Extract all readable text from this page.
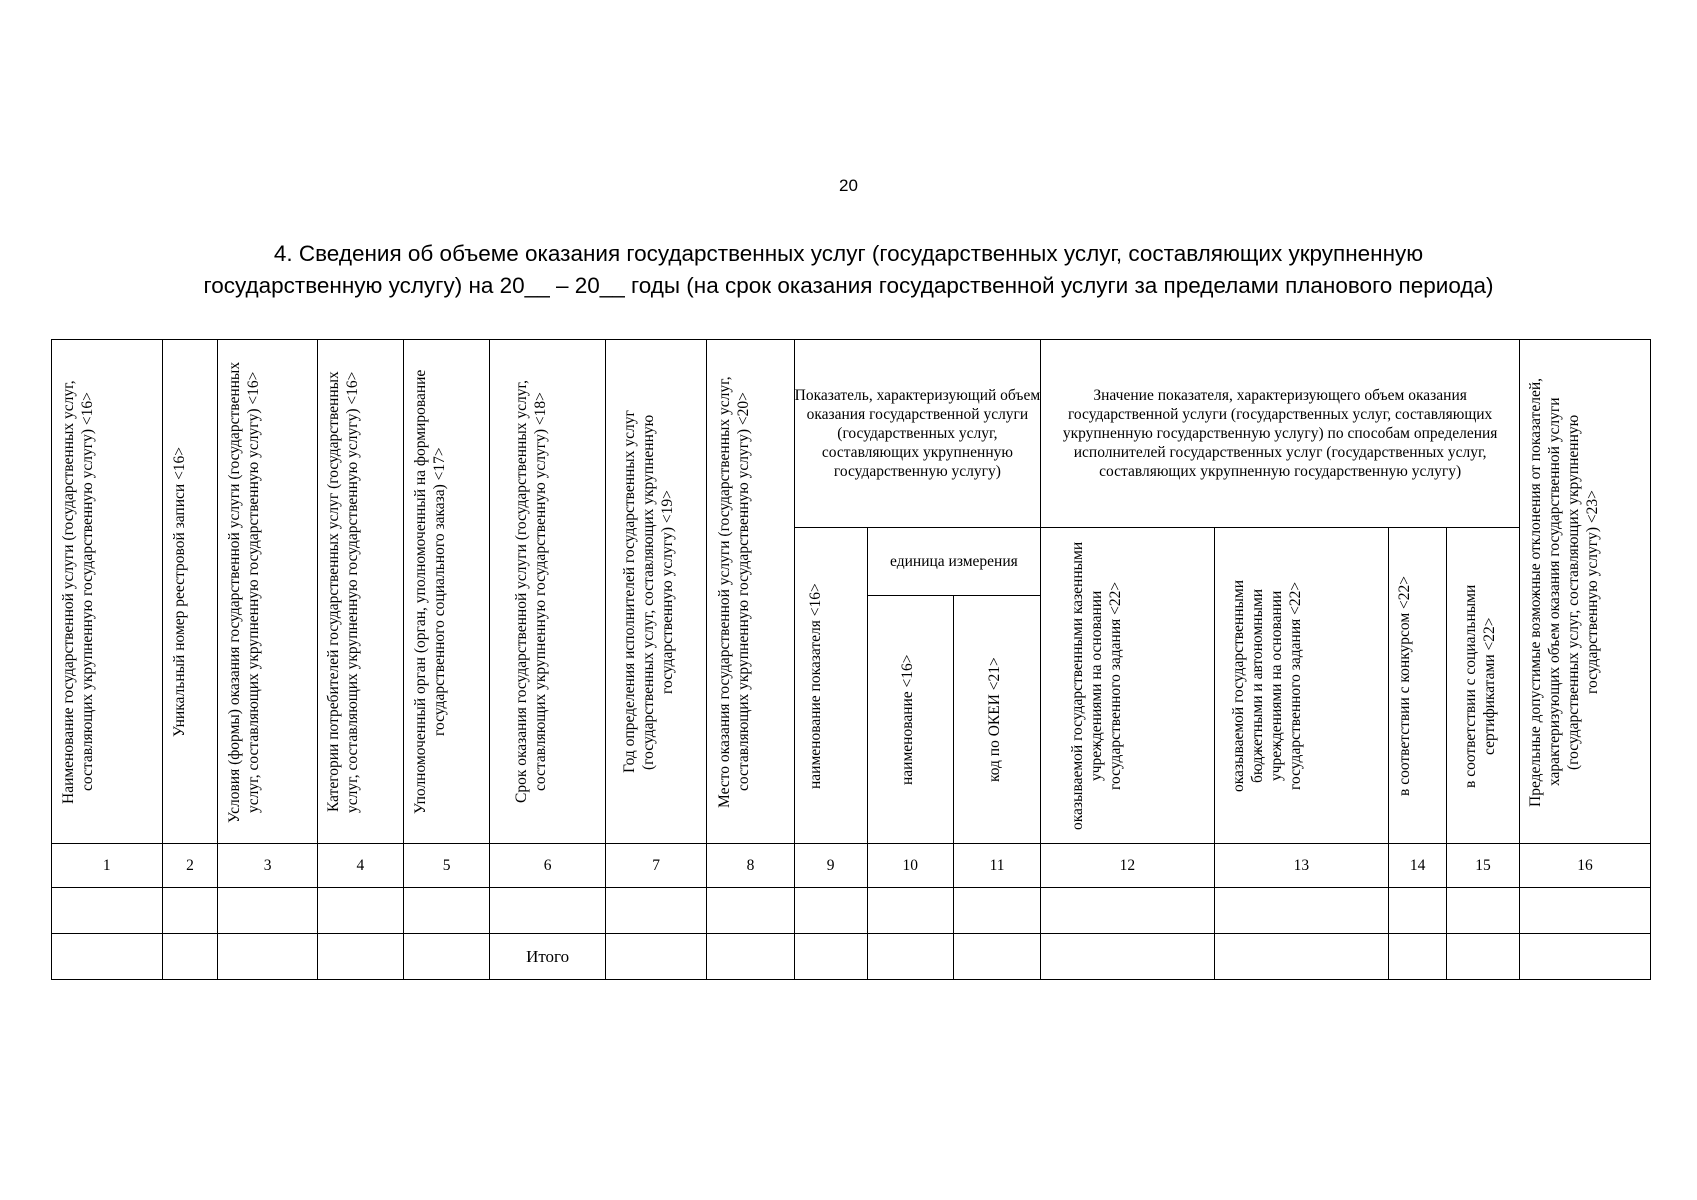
20
4. Сведения об объеме оказания государственных услуг (государственных услуг, составляющих укрупненную
государственную услугу) на 20__ – 20__ годы (на срок оказания государственной услуги за пределами планового периода)
Наименование государственной услуги (государственных услуг, составляющих укрупненную государственную услугу) <16>	Уникальный номер реестровой записи <16>	Условия (формы) оказания государственной услуги (государственных услуг, составляющих укрупненную государственную услугу) <16>	Категории потребителей государственных услуг (государственных услуг, составляющих укрупненную государственную услугу) <16>	Уполномоченный орган (орган, уполномоченный на формирование государственного социального заказа) <17>	Срок оказания государственной услуги (государственных услуг, составляющих укрупненную государственную услугу) <18>	Год определения исполнителей государственных услуг (государственных услуг, составляющих укрупненную государственную услугу) <19>	Место оказания государственной услуги (государственных услуг, составляющих укрупненную государственную услугу) <20>	Показатель, характеризующий объем оказания государственной услуги (государственных услуг, составляющих укрупненную государственную услугу)			Значение показателя, характеризующего объем оказания государственной услуги (государственных услуг, составляющих укрупненную государственную услугу) по способам определения исполнителей государственных услуг (государственных услуг, составляющих укрупненную государственную услугу)				Предельные допустимые возможные отклонения от показателей, характеризующих объем оказания государственной услуги (государственных услуг, составляющих укрупненную государственную услугу) <23>

								наименование показателя <16>	единица измерения		оказываемой государственными казенными учреждениями на основании государственного задания <22>	оказываемой государственными бюджетными и автономными учреждениями на основании государственного задания <22>	в соответствии с конкурсом <22>	в соответствии с социальными сертификатами <22>	

									наименование <16>	код по ОКЕИ <21>					

1	2	3	4	5	6	7	8	9	10	11	12	13	14	15	16

					Итого										
